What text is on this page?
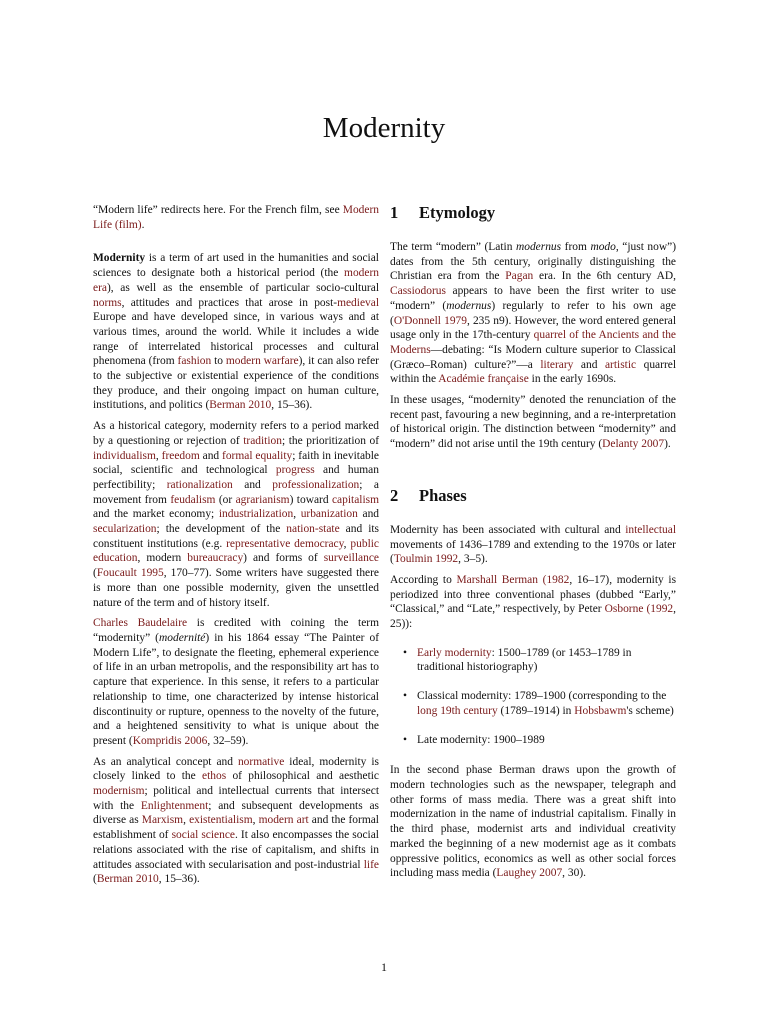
Modernity

“Modern life” redirects here. For the French film, see Modern Life (film).

Modernity is a term of art used in the humanities and social sciences to designate both a historical period (the modern era), as well as the ensemble of particular socio-cultural norms, attitudes and practices that arose in post-medieval Europe and have developed since, in various ways and at various times, around the world. While it includes a wide range of interrelated historical processes and cultural phenomena (from fashion to modern warfare), it can also refer to the subjective or existential experience of the conditions they produce, and their ongoing impact on human culture, institutions, and politics (Berman 2010, 15–36).

As a historical category, modernity refers to a period marked by a questioning or rejection of tradition; the prioritization of individualism, freedom and formal equality; faith in inevitable social, scientific and technological progress and human perfectibility; rationalization and professionalization; a movement from feudalism (or agrarianism) toward capitalism and the market economy; industrialization, urbanization and secularization; the development of the nation-state and its constituent institutions (e.g. representative democracy, public education, modern bureaucracy) and forms of surveillance (Foucault 1995, 170–77). Some writers have suggested there is more than one possible modernity, given the unsettled nature of the term and of history itself.

Charles Baudelaire is credited with coining the term “modernity” (modernité) in his 1864 essay “The Painter of Modern Life”, to designate the fleeting, ephemeral experience of life in an urban metropolis, and the responsibility art has to capture that experience. In this sense, it refers to a particular relationship to time, one characterized by intense historical discontinuity or rupture, openness to the novelty of the future, and a heightened sensitivity to what is unique about the present (Kompridis 2006, 32–59).

As an analytical concept and normative ideal, modernity is closely linked to the ethos of philosophical and aesthetic modernism; political and intellectual currents that intersect with the Enlightenment; and subsequent developments as diverse as Marxism, existentialism, modern art and the formal establishment of social science. It also encompasses the social relations associated with the rise of capitalism, and shifts in attitudes associated with secularisation and post-industrial life (Berman 2010, 15–36).

1 Etymology

The term “modern” (Latin modernus from modo, “just now”) dates from the 5th century, originally distinguishing the Christian era from the Pagan era. In the 6th century AD, Cassiodorus appears to have been the first writer to use “modern” (modernus) regularly to refer to his own age (O'Donnell 1979, 235 n9). However, the word entered general usage only in the 17th-century quarrel of the Ancients and the Moderns—debating: “Is Modern culture superior to Classical (Græco–Roman) culture?”—a literary and artistic quarrel within the Académie française in the early 1690s.

In these usages, “modernity” denoted the renunciation of the recent past, favouring a new beginning, and a re-interpretation of historical origin. The distinction between “modernity” and “modern” did not arise until the 19th century (Delanty 2007).

2 Phases

Modernity has been associated with cultural and intellectual movements of 1436–1789 and extending to the 1970s or later (Toulmin 1992, 3–5).

According to Marshall Berman (1982, 16–17), modernity is periodized into three conventional phases (dubbed “Early,” “Classical,” and “Late,” respectively, by Peter Osborne (1992, 25)):

• Early modernity: 1500–1789 (or 1453–1789 in traditional historiography)
• Classical modernity: 1789–1900 (corresponding to the long 19th century (1789–1914) in Hobsbawm's scheme)
• Late modernity: 1900–1989

In the second phase Berman draws upon the growth of modern technologies such as the newspaper, telegraph and other forms of mass media. There was a great shift into modernization in the name of industrial capitalism. Finally in the third phase, modernist arts and individual creativity marked the beginning of a new modernist age as it combats oppressive politics, economics as well as other social forces including mass media (Laughey 2007, 30).

1
